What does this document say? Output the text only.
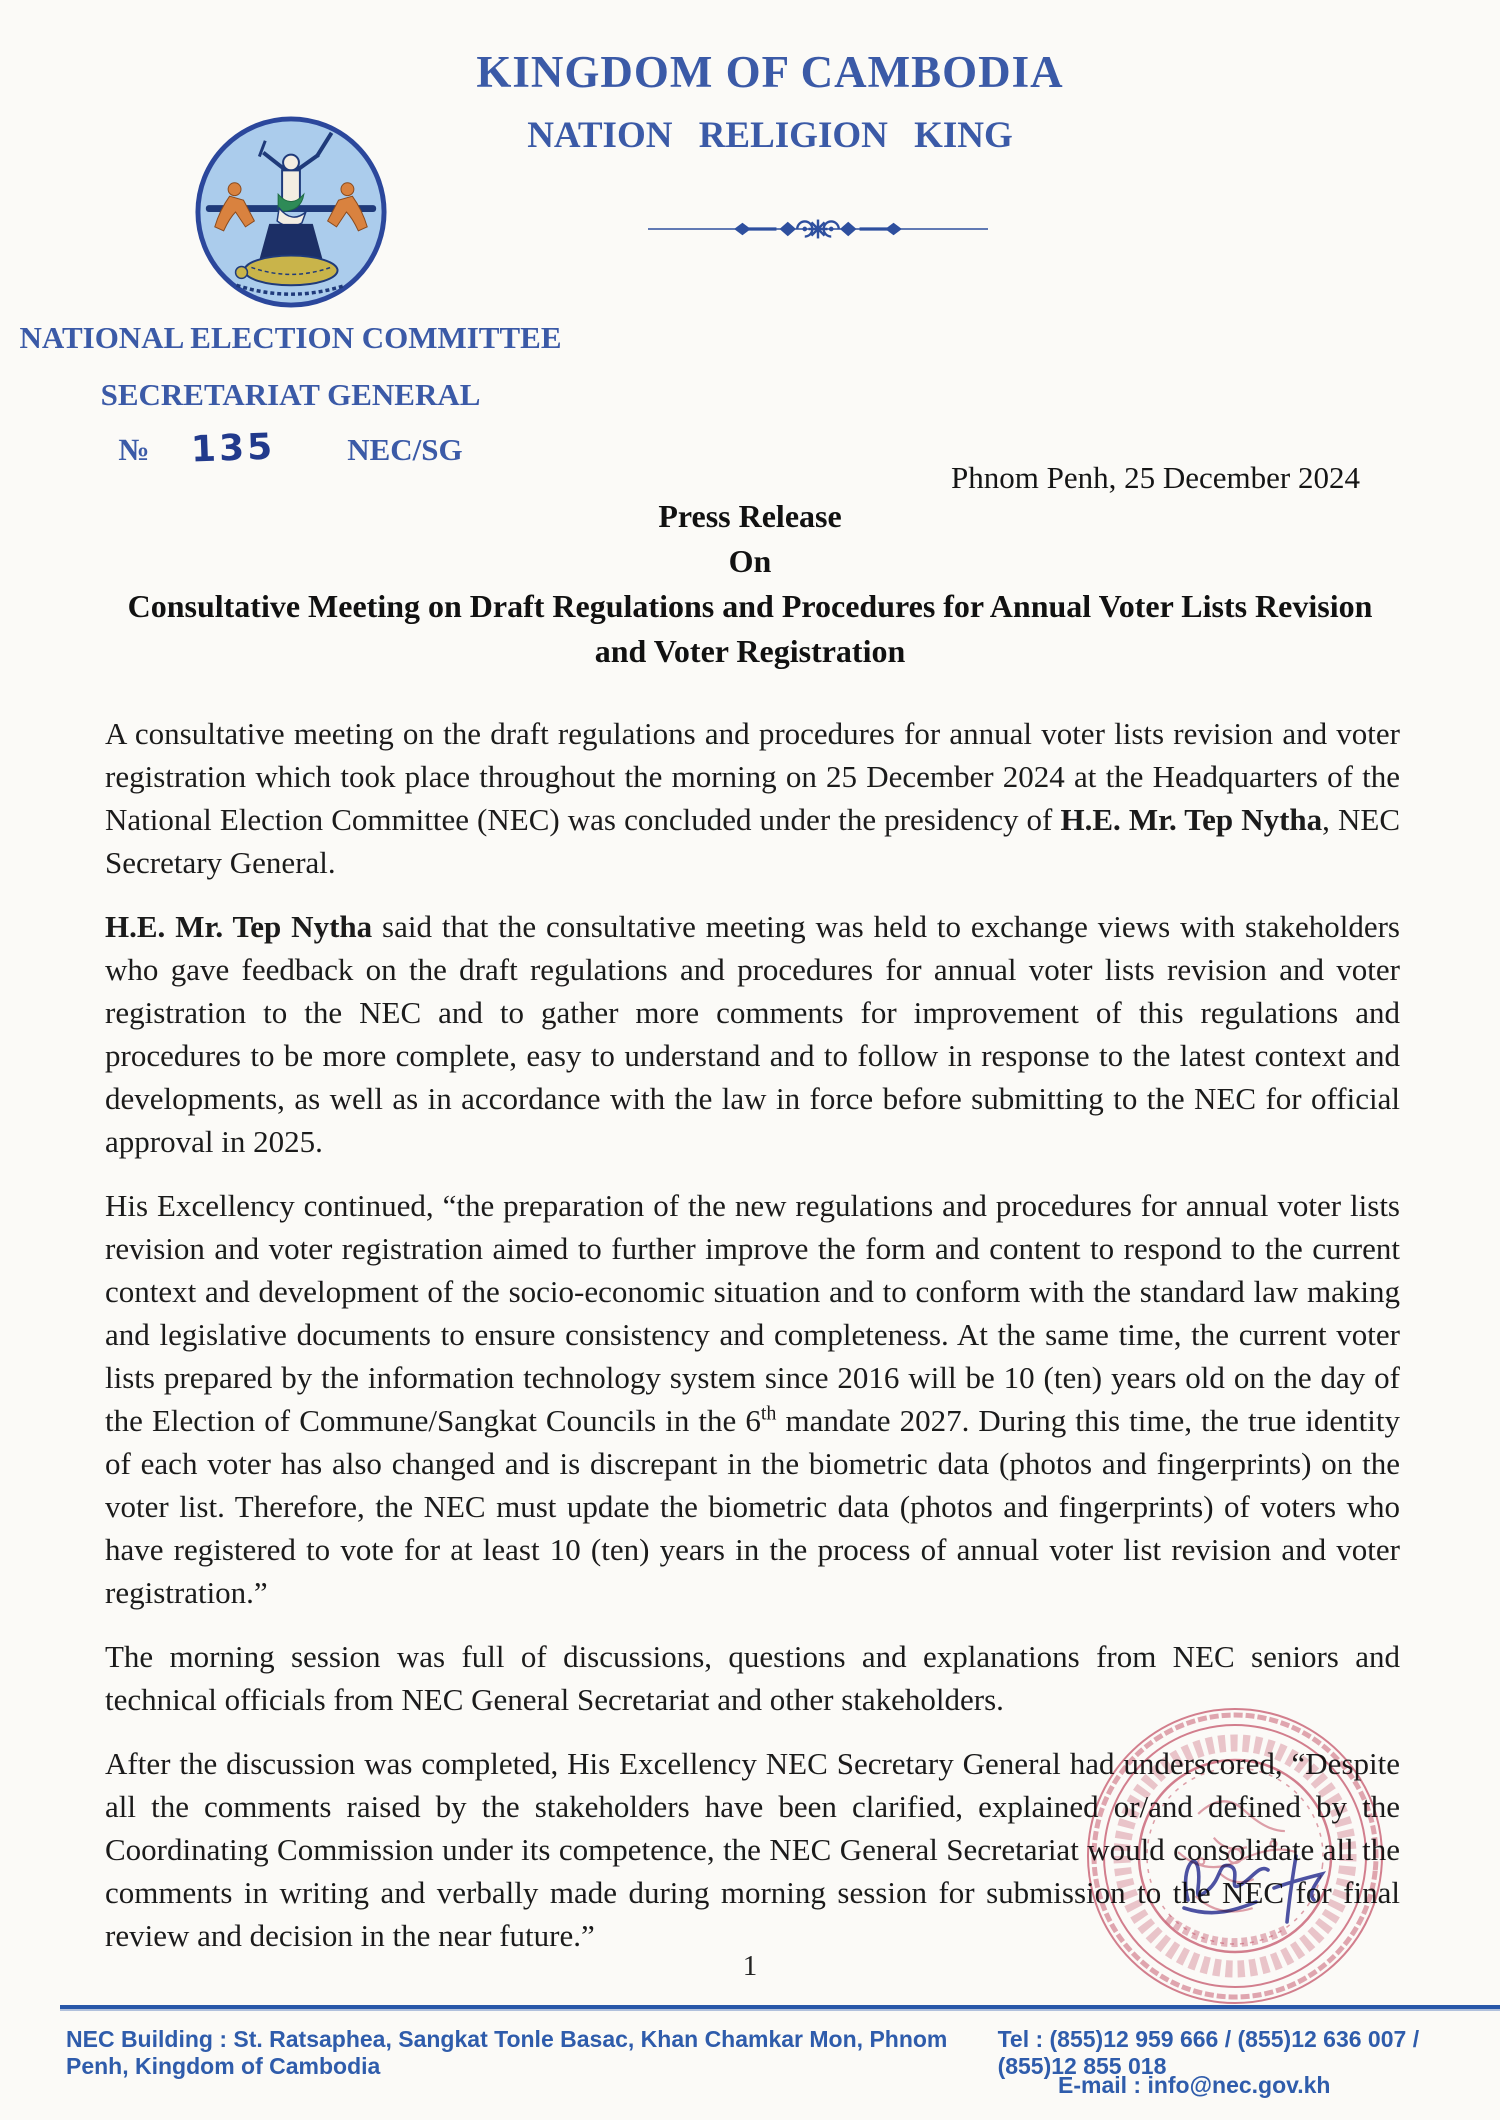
KINGDOM OF CAMBODIA
NATION RELIGION KING
NATIONAL ELECTION COMMITTEE
SECRETARIAT GENERAL
№ 135 NEC/SG
Phnom Penh, 25 December 2024
Press Release
On
Consultative Meeting on Draft Regulations and Procedures for Annual Voter Lists Revision and Voter Registration

A consultative meeting on the draft regulations and procedures for annual voter lists revision and voter registration which took place throughout the morning on 25 December 2024 at the Headquarters of the National Election Committee (NEC) was concluded under the presidency of H.E. Mr. Tep Nytha, NEC Secretary General.

H.E. Mr. Tep Nytha said that the consultative meeting was held to exchange views with stakeholders who gave feedback on the draft regulations and procedures for annual voter lists revision and voter registration to the NEC and to gather more comments for improvement of this regulations and procedures to be more complete, easy to understand and to follow in response to the latest context and developments, as well as in accordance with the law in force before submitting to the NEC for official approval in 2025.

His Excellency continued, “the preparation of the new regulations and procedures for annual voter lists revision and voter registration aimed to further improve the form and content to respond to the current context and development of the socio-economic situation and to conform with the standard law making and legislative documents to ensure consistency and completeness. At the same time, the current voter lists prepared by the information technology system since 2016 will be 10 (ten) years old on the day of the Election of Commune/Sangkat Councils in the 6th mandate 2027. During this time, the true identity of each voter has also changed and is discrepant in the biometric data (photos and fingerprints) on the voter list. Therefore, the NEC must update the biometric data (photos and fingerprints) of voters who have registered to vote for at least 10 (ten) years in the process of annual voter list revision and voter registration.”

The morning session was full of discussions, questions and explanations from NEC seniors and technical officials from NEC General Secretariat and other stakeholders.

After the discussion was completed, His Excellency NEC Secretary General had underscored, “Despite all the comments raised by the stakeholders have been clarified, explained or/and defined by the Coordinating Commission under its competence, the NEC General Secretariat would consolidate all the comments in writing and verbally made during morning session for submission to the NEC for final review and decision in the near future.”

1
NEC Building : St. Ratsaphea, Sangkat Tonle Basac, Khan Chamkar Mon, Phnom Penh, Kingdom of Cambodia
Tel : (855)12 959 666 / (855)12 636 007 / (855)12 855 018
E-mail : info@nec.gov.kh
